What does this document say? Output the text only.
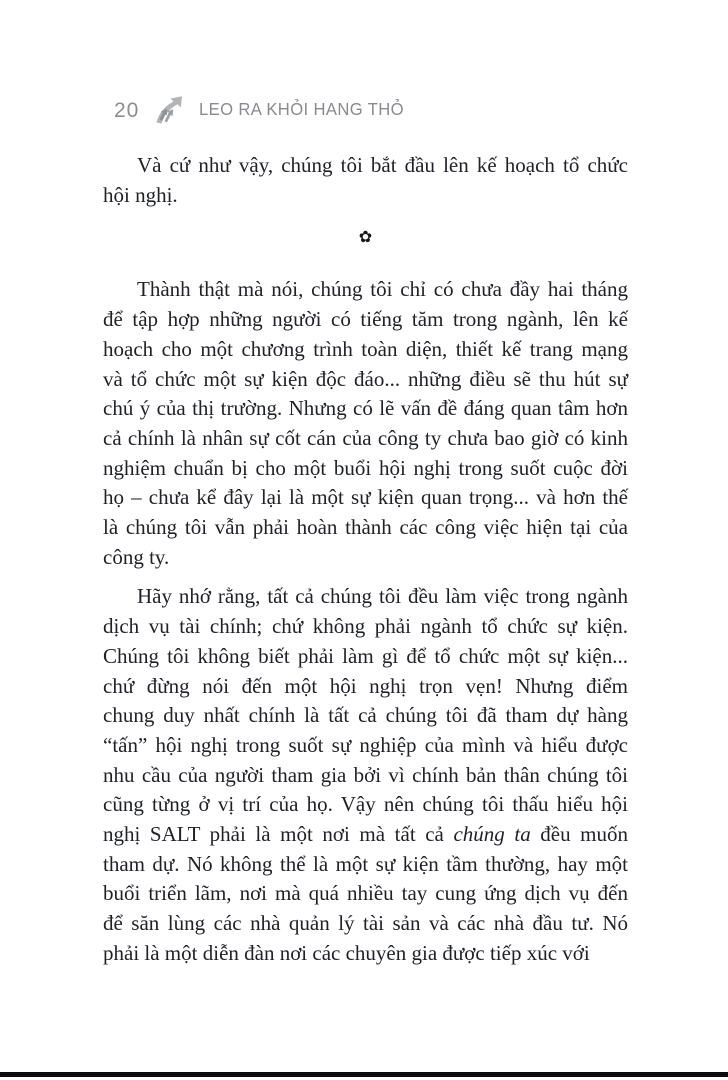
20	LEO RA KHỎI HANG THỎ
Và cứ như vậy, chúng tôi bắt đầu lên kế hoạch tổ chức
hội nghị.
✿
Thành thật mà nói, chúng tôi chỉ có chưa đầy hai tháng
để tập hợp những người có tiếng tăm trong ngành, lên kế
hoạch cho một chương trình toàn diện, thiết kế trang mạng
và tổ chức một sự kiện độc đáo... những điều sẽ thu hút sự
chú ý của thị trường. Nhưng có lẽ vấn đề đáng quan tâm hơn
cả chính là nhân sự cốt cán của công ty chưa bao giờ có kinh
nghiệm chuẩn bị cho một buổi hội nghị trong suốt cuộc đời
họ – chưa kể đây lại là một sự kiện quan trọng... và hơn thế
là chúng tôi vẫn phải hoàn thành các công việc hiện tại của
công ty.
Hãy nhớ rằng, tất cả chúng tôi đều làm việc trong ngành
dịch vụ tài chính; chứ không phải ngành tổ chức sự kiện.
Chúng tôi không biết phải làm gì để tổ chức một sự kiện...
chứ đừng nói đến một hội nghị trọn vẹn! Nhưng điểm
chung duy nhất chính là tất cả chúng tôi đã tham dự hàng
“tấn” hội nghị trong suốt sự nghiệp của mình và hiểu được
nhu cầu của người tham gia bởi vì chính bản thân chúng tôi
cũng từng ở vị trí của họ. Vậy nên chúng tôi thấu hiểu hội
nghị SALT phải là một nơi mà tất cả chúng ta đều muốn
tham dự. Nó không thể là một sự kiện tầm thường, hay một
buổi triển lãm, nơi mà quá nhiều tay cung ứng dịch vụ đến
để săn lùng các nhà quản lý tài sản và các nhà đầu tư. Nó
phải là một diễn đàn nơi các chuyên gia được tiếp xúc với
